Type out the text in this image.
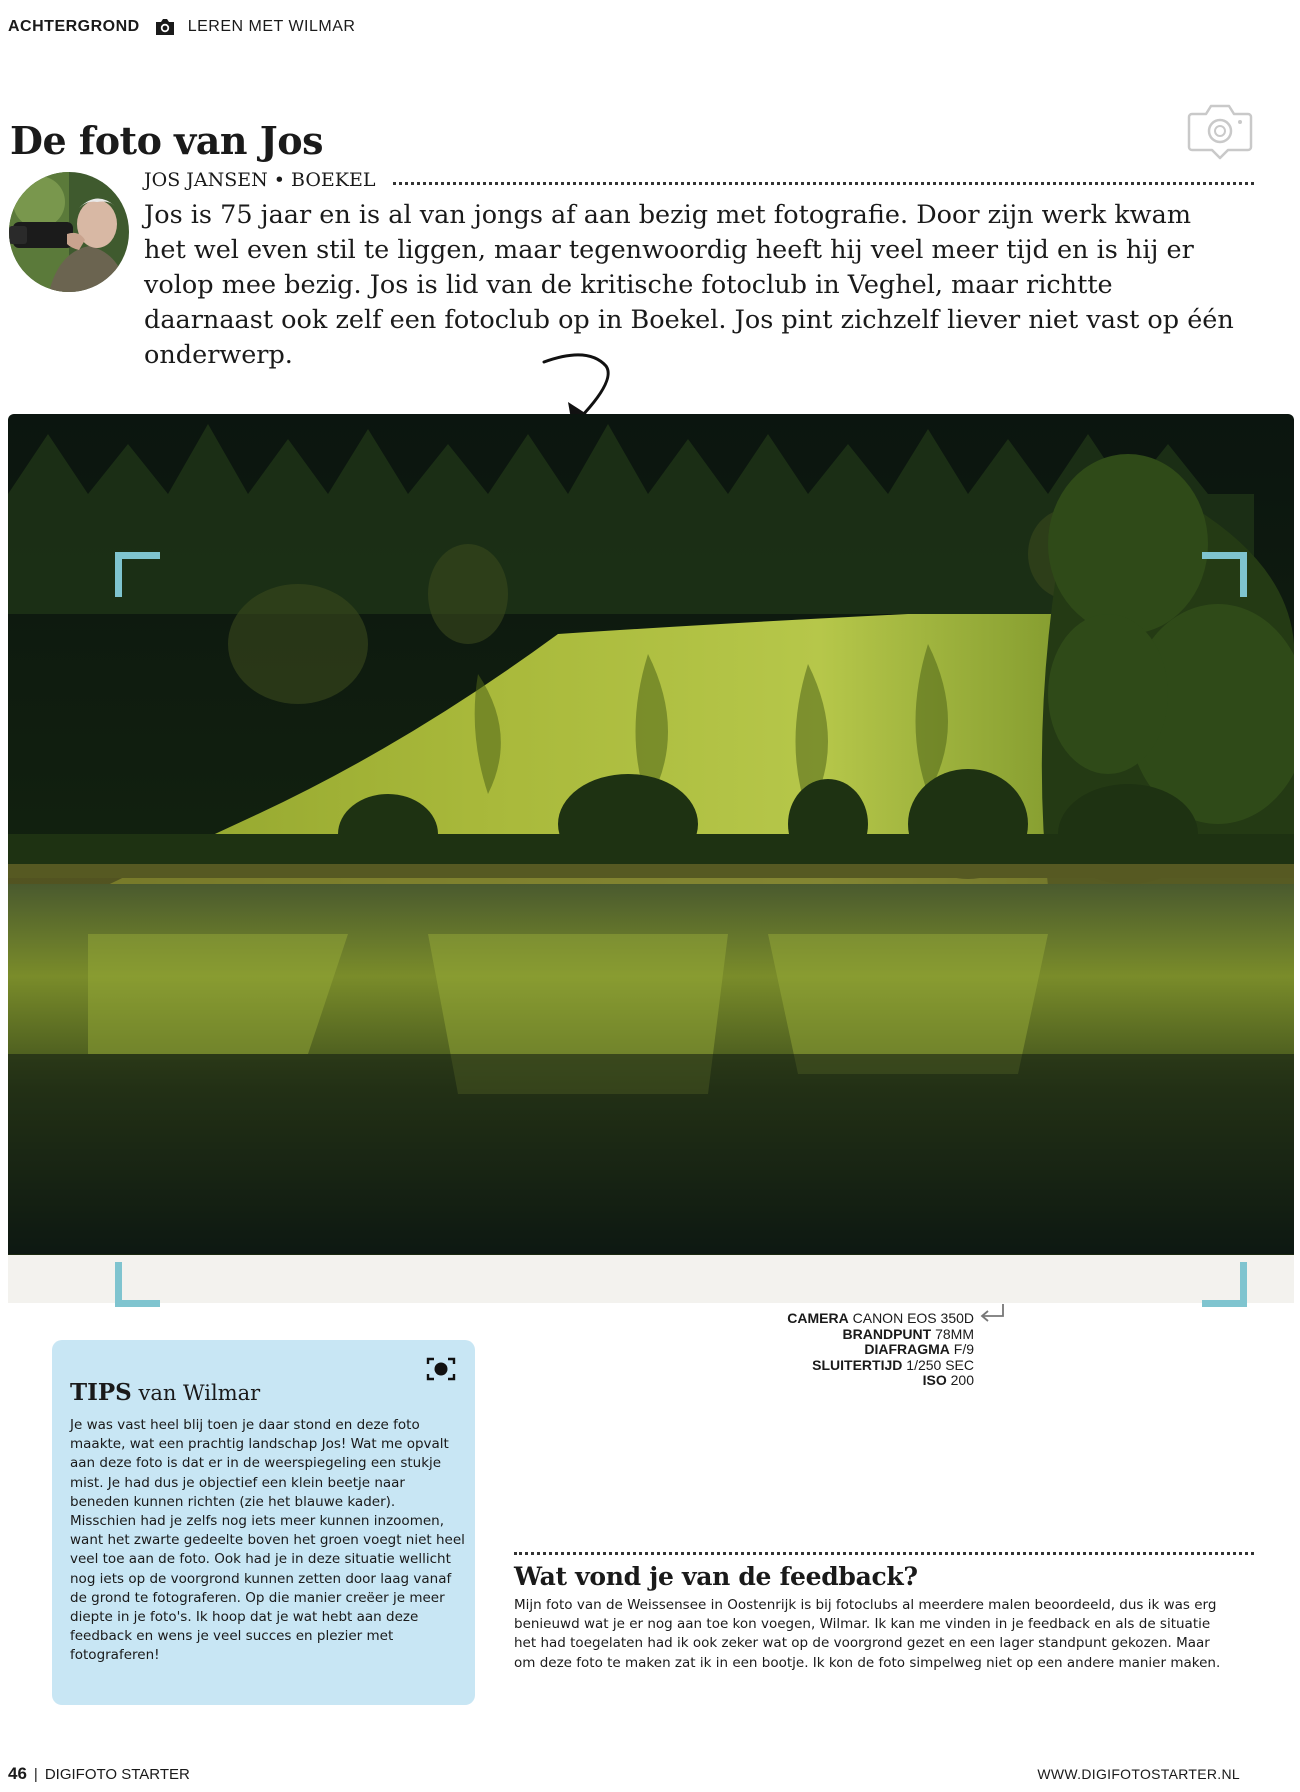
ACHTERGROND	LEREN MET WILMAR
De foto van Jos
JOS JANSEN • BOEKEL

Jos is 75 jaar en is al van jongs af aan bezig met fotografie. Door zijn werk kwam het wel even stil te liggen, maar tegenwoordig heeft hij veel meer tijd en is hij er volop mee bezig. Jos is lid van de kritische fotoclub in Veghel, maar richtte daarnaast ook zelf een fotoclub op in Boekel. Jos pint zichzelf liever niet vast op één onderwerp.

CAMERA CANON EOS 350D
BRANDPUNT 78MM
DIAFRAGMA F/9
SLUITERTIJD 1/250 SEC
ISO 200
TIPS van Wilmar

Je was vast heel blij toen je daar stond en deze foto maakte, wat een prachtig landschap Jos! Wat me opvalt aan deze foto is dat er in de weerspiegeling een stukje mist. Je had dus je objectief een klein beetje naar beneden kunnen richten (zie het blauwe kader). Misschien had je zelfs nog iets meer kunnen inzoomen, want het zwarte gedeelte boven het groen voegt niet heel veel toe aan de foto. Ook had je in deze situatie wellicht nog iets op de voorgrond kunnen zetten door laag vanaf de grond te fotograferen. Op die manier creëer je meer diepte in je foto's. Ik hoop dat je wat hebt aan deze feedback en wens je veel succes en plezier met fotograferen!

Wat vond je van de feedback?

Mijn foto van de Weissensee in Oostenrijk is bij fotoclubs al meerdere malen beoordeeld, dus ik was erg benieuwd wat je er nog aan toe kon voegen, Wilmar. Ik kan me vinden in je feedback en als de situatie het had toegelaten had ik ook zeker wat op de voorgrond gezet en een lager standpunt gekozen. Maar om deze foto te maken zat ik in een bootje. Ik kon de foto simpelweg niet op een andere manier maken.

46 | DIGIFOTO STARTER	WWW.DIGIFOTOSTARTER.NL
